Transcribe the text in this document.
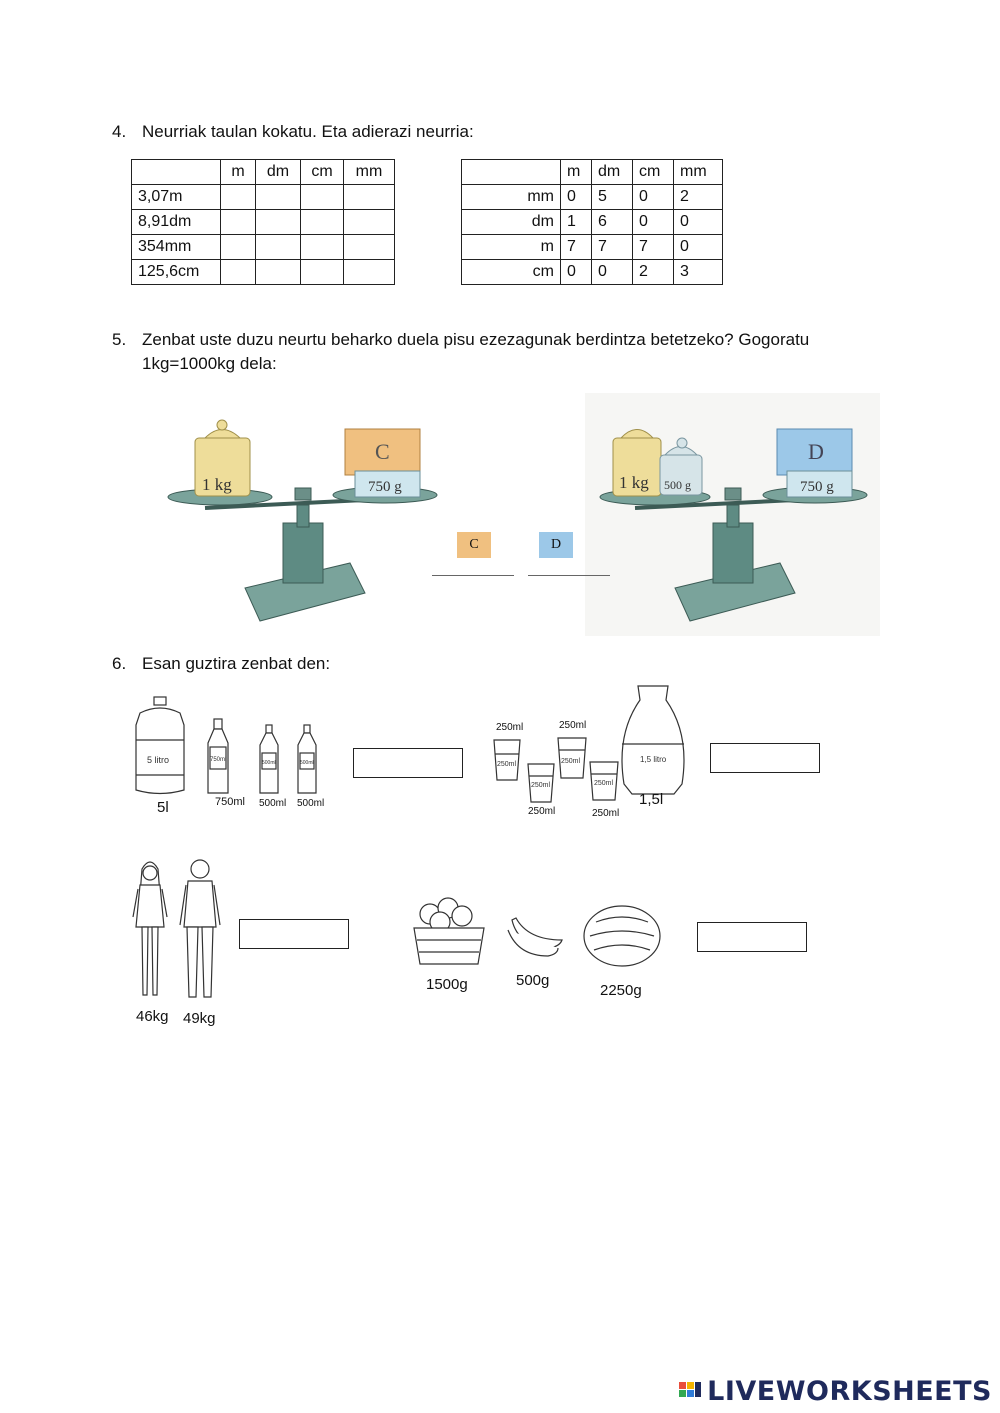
4. Neurriak taulan kokatu. Eta adierazi neurria:
	m	dm	cm	mm
3,07m				
8,91dm				
354mm				
125,6cm				
	m	dm	cm	mm
mm	0	5	0	2
dm	1	6	0	0
m	7	7	7	0
cm	0	0	2	3
5. Zenbat uste duzu neurtu beharko duela pisu ezezagunak berdintza betetzeko? Gogoratu
1kg=1000kg dela:
1 kg
C
750 g	1 kg 500 g
D
750 g
C	D
6. Esan guztira zenbat den:
5 litro	750ml	500ml	500ml
5l	750ml 500ml 500ml
250ml
250ml
250ml
250ml
1,5 litro
250ml	250ml
250ml	250ml
1,5l
46kg 49kg
1500g	500g
2250g
LIVEWORKSHEETS
